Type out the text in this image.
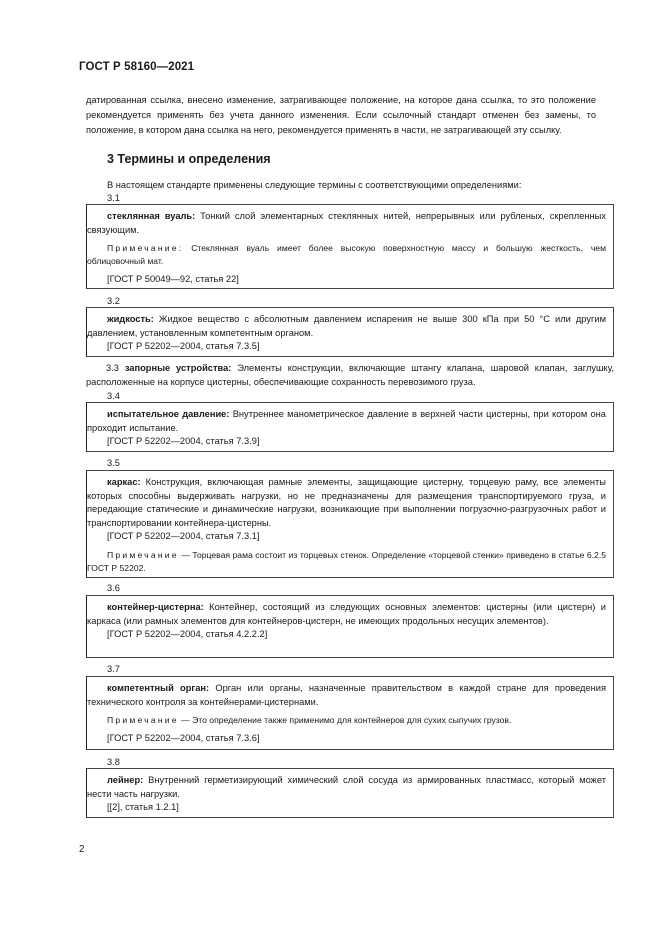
ГОСТ Р 58160—2021
датированная ссылка, внесено изменение, затрагивающее положение, на которое дана ссылка, то это положение рекомендуется применять без учета данного изменения. Если ссылочный стандарт отменен без замены, то положение, в котором дана ссылка на него, рекомендуется применять в части, не затрагивающей эту ссылку.
3 Термины и определения
В настоящем стандарте применены следующие термины с соответствующими определениями:
3.1

стеклянная вуаль: Тонкий слой элементарных стеклянных нитей, непрерывных или рубленых, скрепленных связующим.

Примечание: Стеклянная вуаль имеет более высокую поверхностную массу и большую жесткость, чем облицовочный мат.

[ГОСТ Р 50049—92, статья 22]

3.2

жидкость: Жидкое вещество с абсолютным давлением испарения не выше 300 кПа при 50 °С или другим давлением, установленным компетентным органом.

[ГОСТ Р 52202—2004, статья 7.3.5]

3.3 запорные устройства: Элементы конструкции, включающие штангу клапана, шаровой клапан, заглушку, расположенные на корпусе цистерны, обеспечивающие сохранность перевозимого груза.

3.4

испытательное давление: Внутреннее манометрическое давление в верхней части цистерны, при котором она проходит испытание.

[ГОСТ Р 52202—2004, статья 7.3.9]

3.5

каркас: Конструкция, включающая рамные элементы, защищающие цистерну, торцевую раму, все элементы которых способны выдерживать нагрузки, но не предназначены для размещения транспортируемого груза, и передающие статические и динамические нагрузки, возникающие при выполнении погрузочно-разгрузочных работ и транспортировании контейнера-цистерны.

[ГОСТ Р 52202—2004, статья 7.3.1]

Примечание — Торцевая рама состоит из торцевых стенок. Определение «торцевой стенки» приведено в статье 6.2.5 ГОСТ Р 52202.

3.6

контейнер-цистерна: Контейнер, состоящий из следующих основных элементов: цистерны (или цистерн) и каркаса (или рамных элементов для контейнеров-цистерн, не имеющих продольных несущих элементов).

[ГОСТ Р 52202—2004, статья 4.2.2.2]

3.7

компетентный орган: Орган или органы, назначенные правительством в каждой стране для проведения технического контроля за контейнерами-цистернами.

Примечание — Это определение также применимо для контейнеров для сухих сыпучих грузов.

[ГОСТ Р 52202—2004, статья 7.3.6]

3.8

лейнер: Внутренний герметизирующий химический слой сосуда из армированных пластмасс, который может нести часть нагрузки.

[[2], статья 1.2.1]

2
